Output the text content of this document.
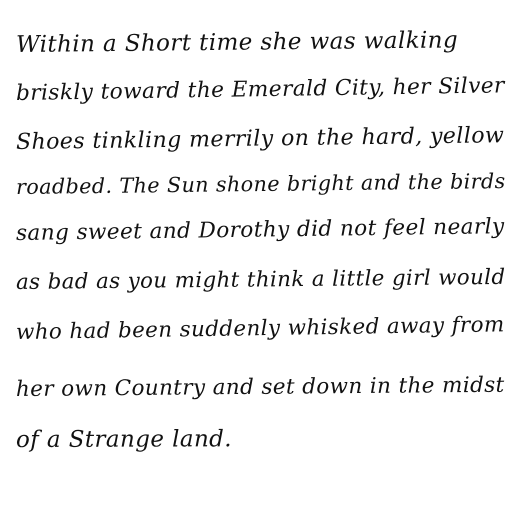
Within a Short time she was walking
briskly toward the Emerald City, her Silver
Shoes tinkling merrily on the hard, yellow
roadbed. The Sun shone bright and the birds
sang sweet and Dorothy did not feel nearly
as bad as you might think a little girl would
who had been suddenly whisked away from
her own Country and set down in the midst
of a Strange land.
